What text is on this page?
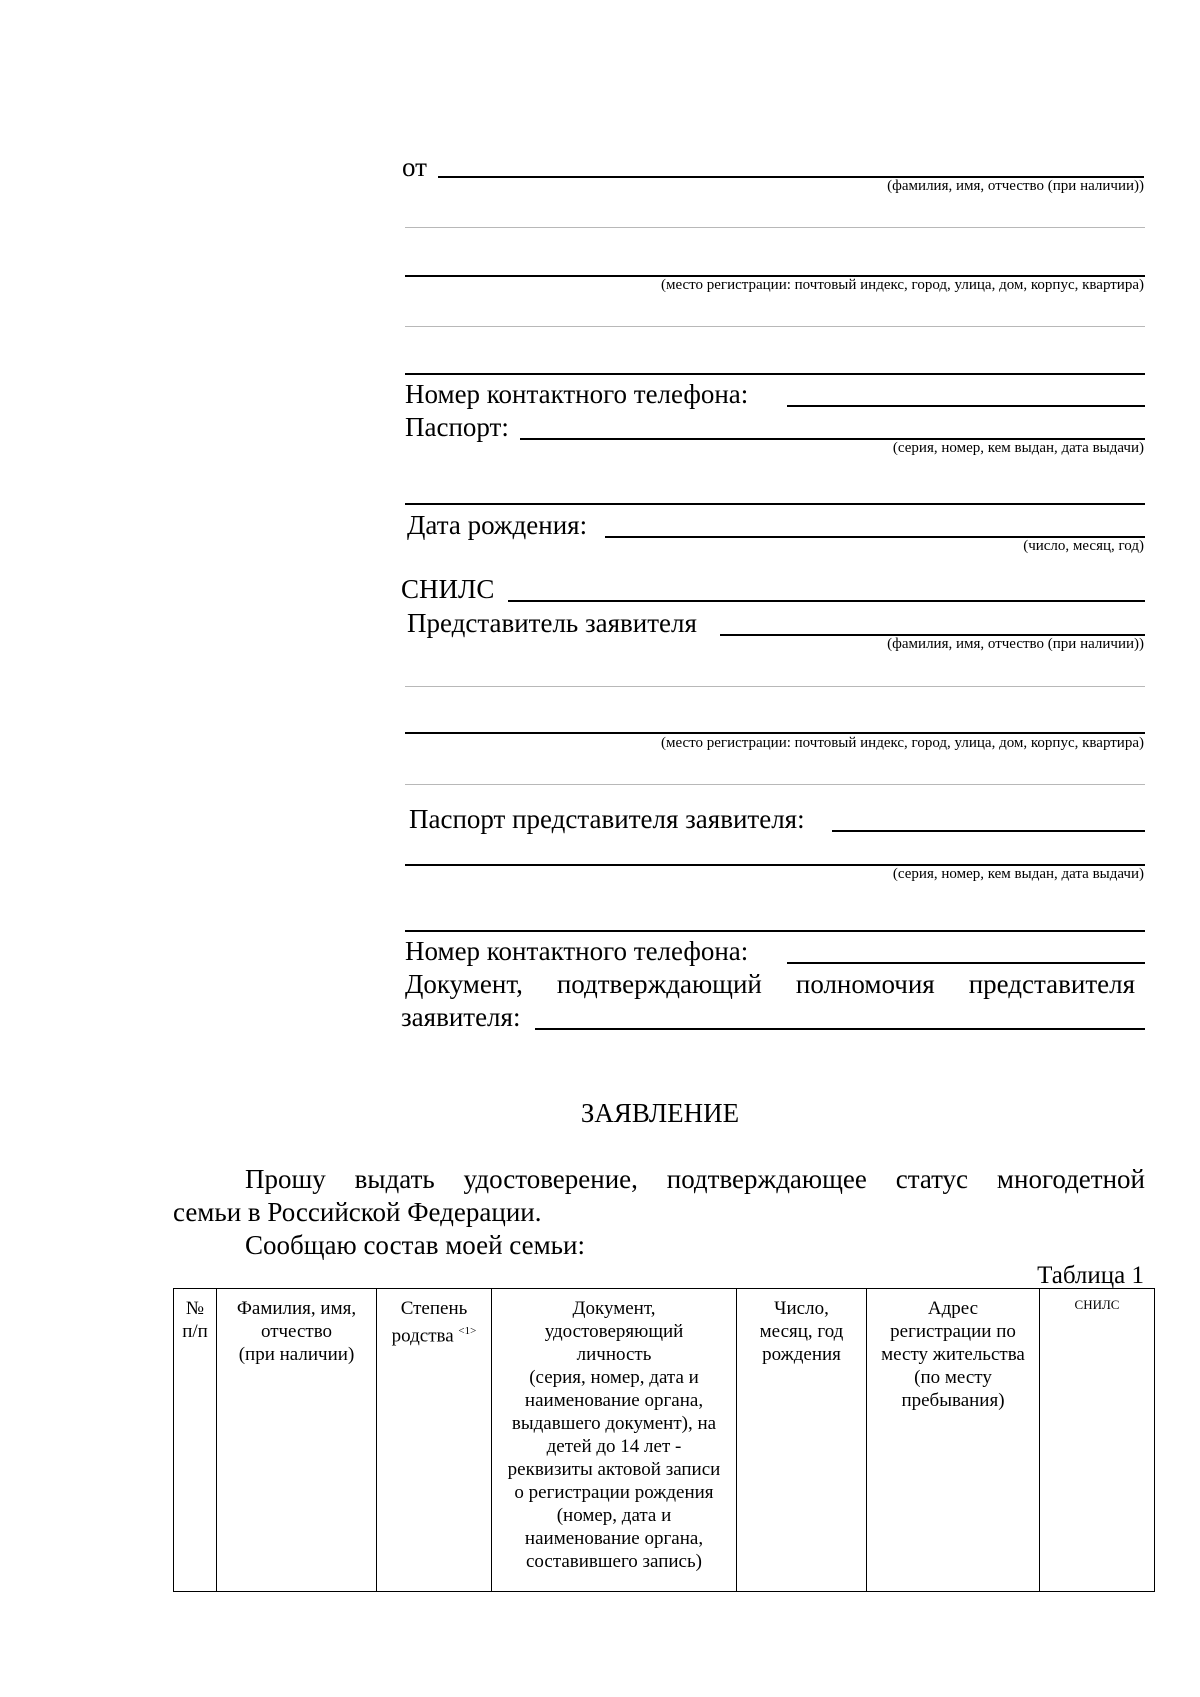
от
(фамилия, имя, отчество (при наличии))
(место регистрации: почтовый индекс, город, улица, дом, корпус, квартира)
Номер контактного телефона:
Паспорт:
(серия, номер, кем выдан, дата выдачи)
Дата рождения:
(число, месяц, год)
СНИЛС
Представитель заявителя
(фамилия, имя, отчество (при наличии))
(место регистрации: почтовый индекс, город, улица, дом, корпус, квартира)
Паспорт представителя заявителя:
(серия, номер, кем выдан, дата выдачи)
Номер контактного телефона:
Документ, подтверждающий полномочия представителя
заявителя:
ЗАЯВЛЕНИЕ
Прошу выдать удостоверение, подтверждающее статус многодетной
семьи в Российской Федерации.
Сообщаю состав моей семьи:
Таблица 1
№
п/п

Фамилия, имя,
отчество
(при наличии)

Степень
родства $^{<1>}$

Документ,
удостоверяющий
личность
(серия, номер, дата и
наименование органа,
выдавшего документ), на
детей до 14 лет -
реквизиты актовой записи
о регистрации рождения
(номер, дата и
наименование органа,
составившего запись)

Число,
месяц, год
рождения

Адрес
регистрации по
месту жительства
(по месту
пребывания)

СНИЛС
